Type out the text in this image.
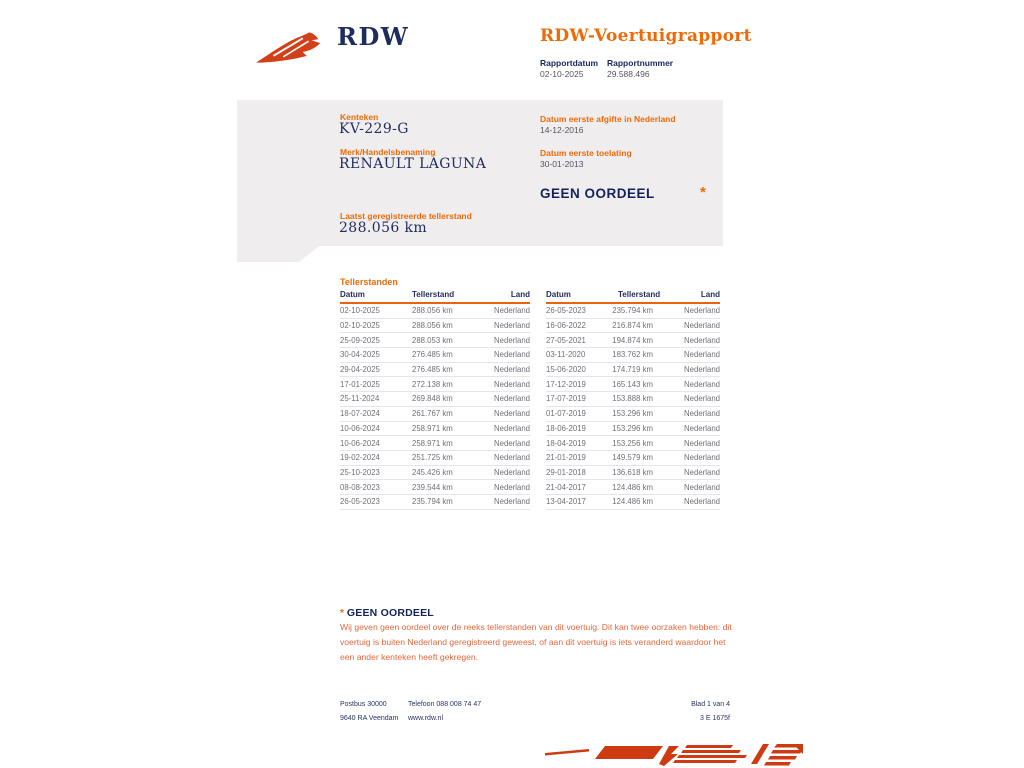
RDW	RDW-Voertuigrapport
Rapportdatum
02-10-2025
Rapportnummer
29.588.496
Kenteken
KV-229-G
Merk/Handelsbenaming
RENAULT LAGUNA
Laatst geregistreerde tellerstand
288.056 km
Datum eerste afgifte in Nederland
14-12-2016
Datum eerste toelating
30-01-2013
GEEN OORDEEL	*
Tellerstanden
Datum	Tellerstand	Land
02-10-2025	288.056 km	Nederland
02-10-2025	288.056 km	Nederland
25-09-2025	288.053 km	Nederland
30-04-2025	276.485 km	Nederland
29-04-2025	276.485 km	Nederland
17-01-2025	272.138 km	Nederland
25-11-2024	269.848 km	Nederland
18-07-2024	261.767 km	Nederland
10-06-2024	258.971 km	Nederland
10-06-2024	258.971 km	Nederland
19-02-2024	251.725 km	Nederland
25-10-2023	245.426 km	Nederland
08-08-2023	239.544 km	Nederland
26-05-2023	235.794 km	Nederland
Datum	Tellerstand	Land
26-05-2023	235.794 km	Nederland
16-06-2022	216.874 km	Nederland
27-05-2021	194.874 km	Nederland
03-11-2020	183.762 km	Nederland
15-06-2020	174.719 km	Nederland
17-12-2019	165.143 km	Nederland
17-07-2019	153.888 km	Nederland
01-07-2019	153.296 km	Nederland
18-06-2019	153.296 km	Nederland
18-04-2019	153.256 km	Nederland
21-01-2019	149.579 km	Nederland
29-01-2018	136.618 km	Nederland
21-04-2017	124.486 km	Nederland
13-04-2017	124.486 km	Nederland
* GEEN OORDEEL
Wij geven geen oordeel over de reeks tellerstanden van dit voertuig. Dit kan twee oorzaken hebben: dit voertuig is buiten Nederland geregistreerd geweest, of aan dit voertuig is iets veranderd waardoor het een ander kenteken heeft gekregen.
Postbus 30000
9640 RA Veendam
Telefoon 088 008 74 47
www.rdw.nl
Blad 1 van 4
3 E 1675f
